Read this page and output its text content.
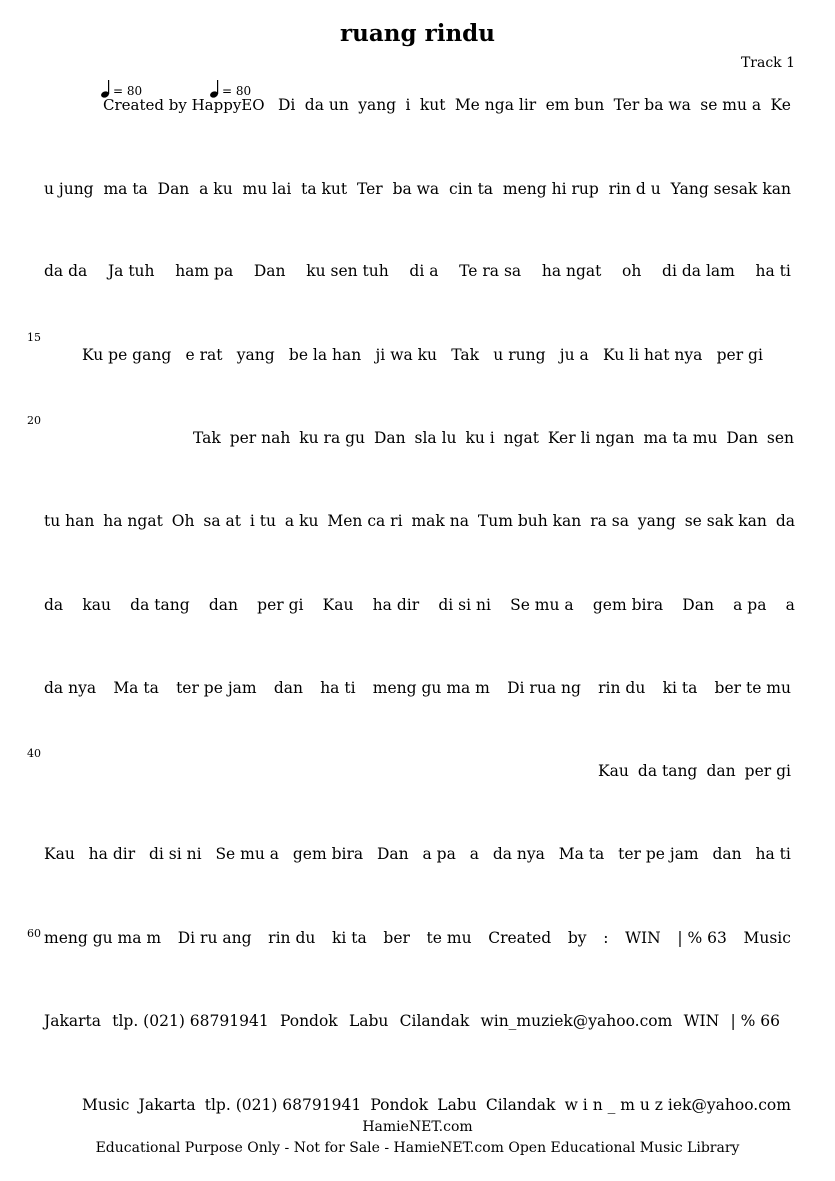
ruang rindu
Track 1
= 80	= 80
Created by HappyEO
15
20
40
60
Di da un yang i kut Me nga lir em bun Ter ba wa se mu a Ke
u jung ma ta Dan a ku mu lai ta kut Ter ba wa cin ta meng hi rup rin d u Yang sesak kan
da da Ja tuh ham pa Dan ku sen tuh di a Te ra sa ha ngat oh di da lam ha ti
Ku pe gang e rat yang be la han ji wa ku Tak u rung ju a Ku li hat nya per gi
Tak per nah ku ra gu Dan sla lu ku i ngat Ker li ngan ma ta mu Dan sen
tu han ha ngat Oh sa at i tu a ku Men ca ri mak na Tum buh kan ra sa yang se sak kan da
da kau da tang dan per gi Kau ha dir di si ni Se mu a gem bira Dan a pa a
da nya Ma ta ter pe jam dan ha ti meng gu ma m Di rua ng rin du ki ta ber te mu
Kau da tang dan per gi
Kau ha dir di si ni Se mu a gem bira Dan a pa a da nya Ma ta ter pe jam dan ha ti
meng gu ma m Di ru ang rin du ki ta ber te mu Created by : WIN | % 63 Music
Jakarta tlp. (021) 68791941 Pondok Labu Cilandak win_muziek@yahoo.com WIN | % 66
Music Jakarta tlp. (021) 68791941 Pondok Labu Cilandak w i n _ m u z iek@yahoo.com
HamieNET.com
Educational Purpose Only - Not for Sale - HamieNET.com Open Educational Music Library
